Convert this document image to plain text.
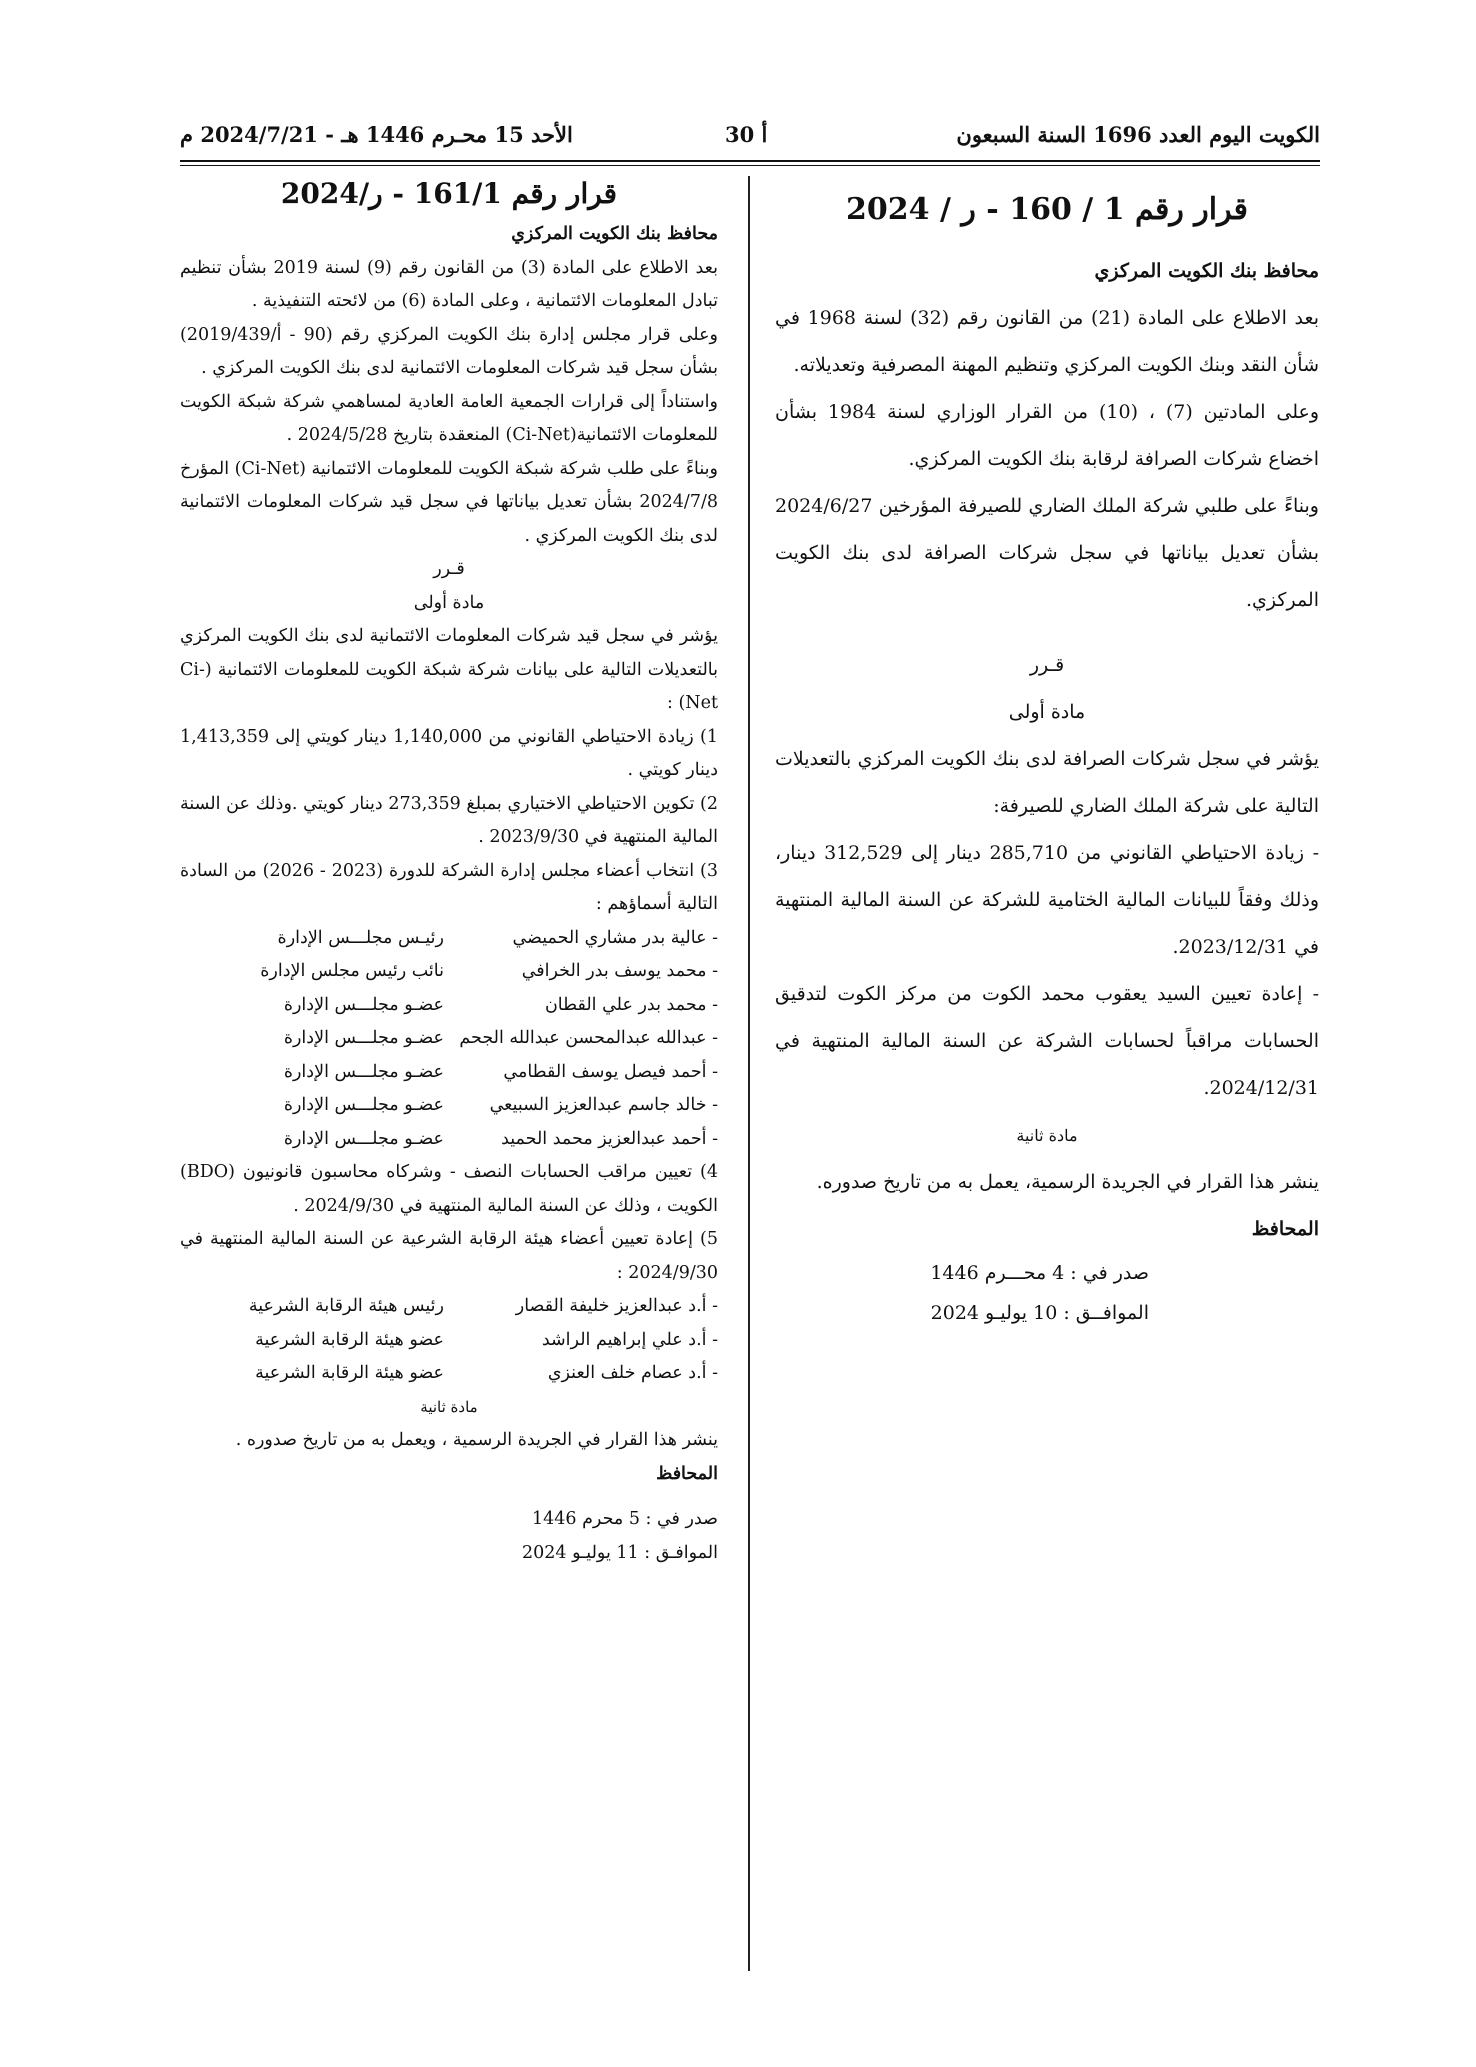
الكويت اليوم العدد 1696 السنة السبعون
أ 30
الأحد 15 محـرم 1446 هـ - 2024/7/21 م

قرار رقم 1 / 160 - ر / 2024

محافظ بنك الكويت المركزي

بعد الاطلاع على المادة (21) من القانون رقم (32) لسنة 1968 في شأن النقد وبنك الكويت المركزي وتنظيم المهنة المصرفية وتعديلاته.

وعلى المادتين (7) ، (10) من القرار الوزاري لسنة 1984 بشأن اخضاع شركات الصرافة لرقابة بنك الكويت المركزي.

وبناءً على طلبي شركة الملك الضاري للصيرفة المؤرخين 2024/6/27 بشأن تعديل بياناتها في سجل شركات الصرافة لدى بنك الكويت المركزي.

قـرر

مادة أولى

يؤشر في سجل شركات الصرافة لدى بنك الكويت المركزي بالتعديلات التالية على شركة الملك الضاري للصيرفة:

- زيادة الاحتياطي القانوني من 285,710 دينار إلى 312,529 دينار، وذلك وفقاً للبيانات المالية الختامية للشركة عن السنة المالية المنتهية في 2023/12/31.

- إعادة تعيين السيد يعقوب محمد الكوت من مركز الكوت لتدقيق الحسابات مراقباً لحسابات الشركة عن السنة المالية المنتهية في 2024/12/31.

مادة ثانية

ينشر هذا القرار في الجريدة الرسمية، يعمل به من تاريخ صدوره.

المحافظ

صدر في : 4 محـــرم 1446

الموافــق : 10 يوليـو 2024

قرار رقم 161/1 - ر/2024

محافظ بنك الكويت المركزي

بعد الاطلاع على المادة (3) من القانون رقم (9) لسنة 2019 بشأن تنظيم تبادل المعلومات الائتمانية ، وعلى المادة (6) من لائحته التنفيذية .

وعلى قرار مجلس إدارة بنك الكويت المركزي رقم (90 - أ/2019/439) بشأن سجل قيد شركات المعلومات الائتمانية لدى بنك الكويت المركزي .

واستناداً إلى قرارات الجمعية العامة العادية لمساهمي شركة شبكة الكويت للمعلومات الائتمانية(Ci-Net) المنعقدة بتاريخ 2024/5/28 .

وبناءً على طلب شركة شبكة الكويت للمعلومات الائتمانية (Ci-Net) المؤرخ 2024/7/8 بشأن تعديل بياناتها في سجل قيد شركات المعلومات الائتمانية لدى بنك الكويت المركزي .

قـرر

مادة أولى

يؤشر في سجل قيد شركات المعلومات الائتمانية لدى بنك الكويت المركزي بالتعديلات التالية على بيانات شركة شبكة الكويت للمعلومات الائتمانية (Ci-Net) :

1) زيادة الاحتياطي القانوني من 1,140,000 دينار كويتي إلى 1,413,359 دينار كويتي .

2) تكوين الاحتياطي الاختياري بمبلغ 273,359 دينار كويتي .وذلك عن السنة المالية المنتهية في 2023/9/30 .

3) انتخاب أعضاء مجلس إدارة الشركة للدورة (2023 - 2026) من السادة التالية أسماؤهم :

- عالية بدر مشاري الحميضي
رئيـس مجلـــس الإدارة
- محمد يوسف بدر الخرافي
نائب رئيس مجلس الإدارة
- محمد بدر علي القطان
عضـو مجلـــس الإدارة
- عبدالله عبدالمحسن عبدالله الجحم
عضـو مجلـــس الإدارة
- أحمد فيصل يوسف القطامي
عضـو مجلـــس الإدارة
- خالد جاسم عبدالعزيز السبيعي
عضـو مجلـــس الإدارة
- أحمد عبدالعزيز محمد الحميد
عضـو مجلـــس الإدارة

4) تعيين مراقب الحسابات النصف - وشركاه محاسبون قانونيون (BDO) الكويت ، وذلك عن السنة المالية المنتهية في 2024/9/30 .

5) إعادة تعيين أعضاء هيئة الرقابة الشرعية عن السنة المالية المنتهية في 2024/9/30 :

- أ.د عبدالعزيز خليفة القصار
رئيس هيئة الرقابة الشرعية
- أ.د علي إبراهيم الراشد
عضو هيئة الرقابة الشرعية
- أ.د عصام خلف العنزي
عضو هيئة الرقابة الشرعية

مادة ثانية

ينشر هذا القرار في الجريدة الرسمية ، ويعمل به من تاريخ صدوره .

المحافظ

صدر في : 5 محرم 1446

الموافـق : 11 يوليـو 2024
